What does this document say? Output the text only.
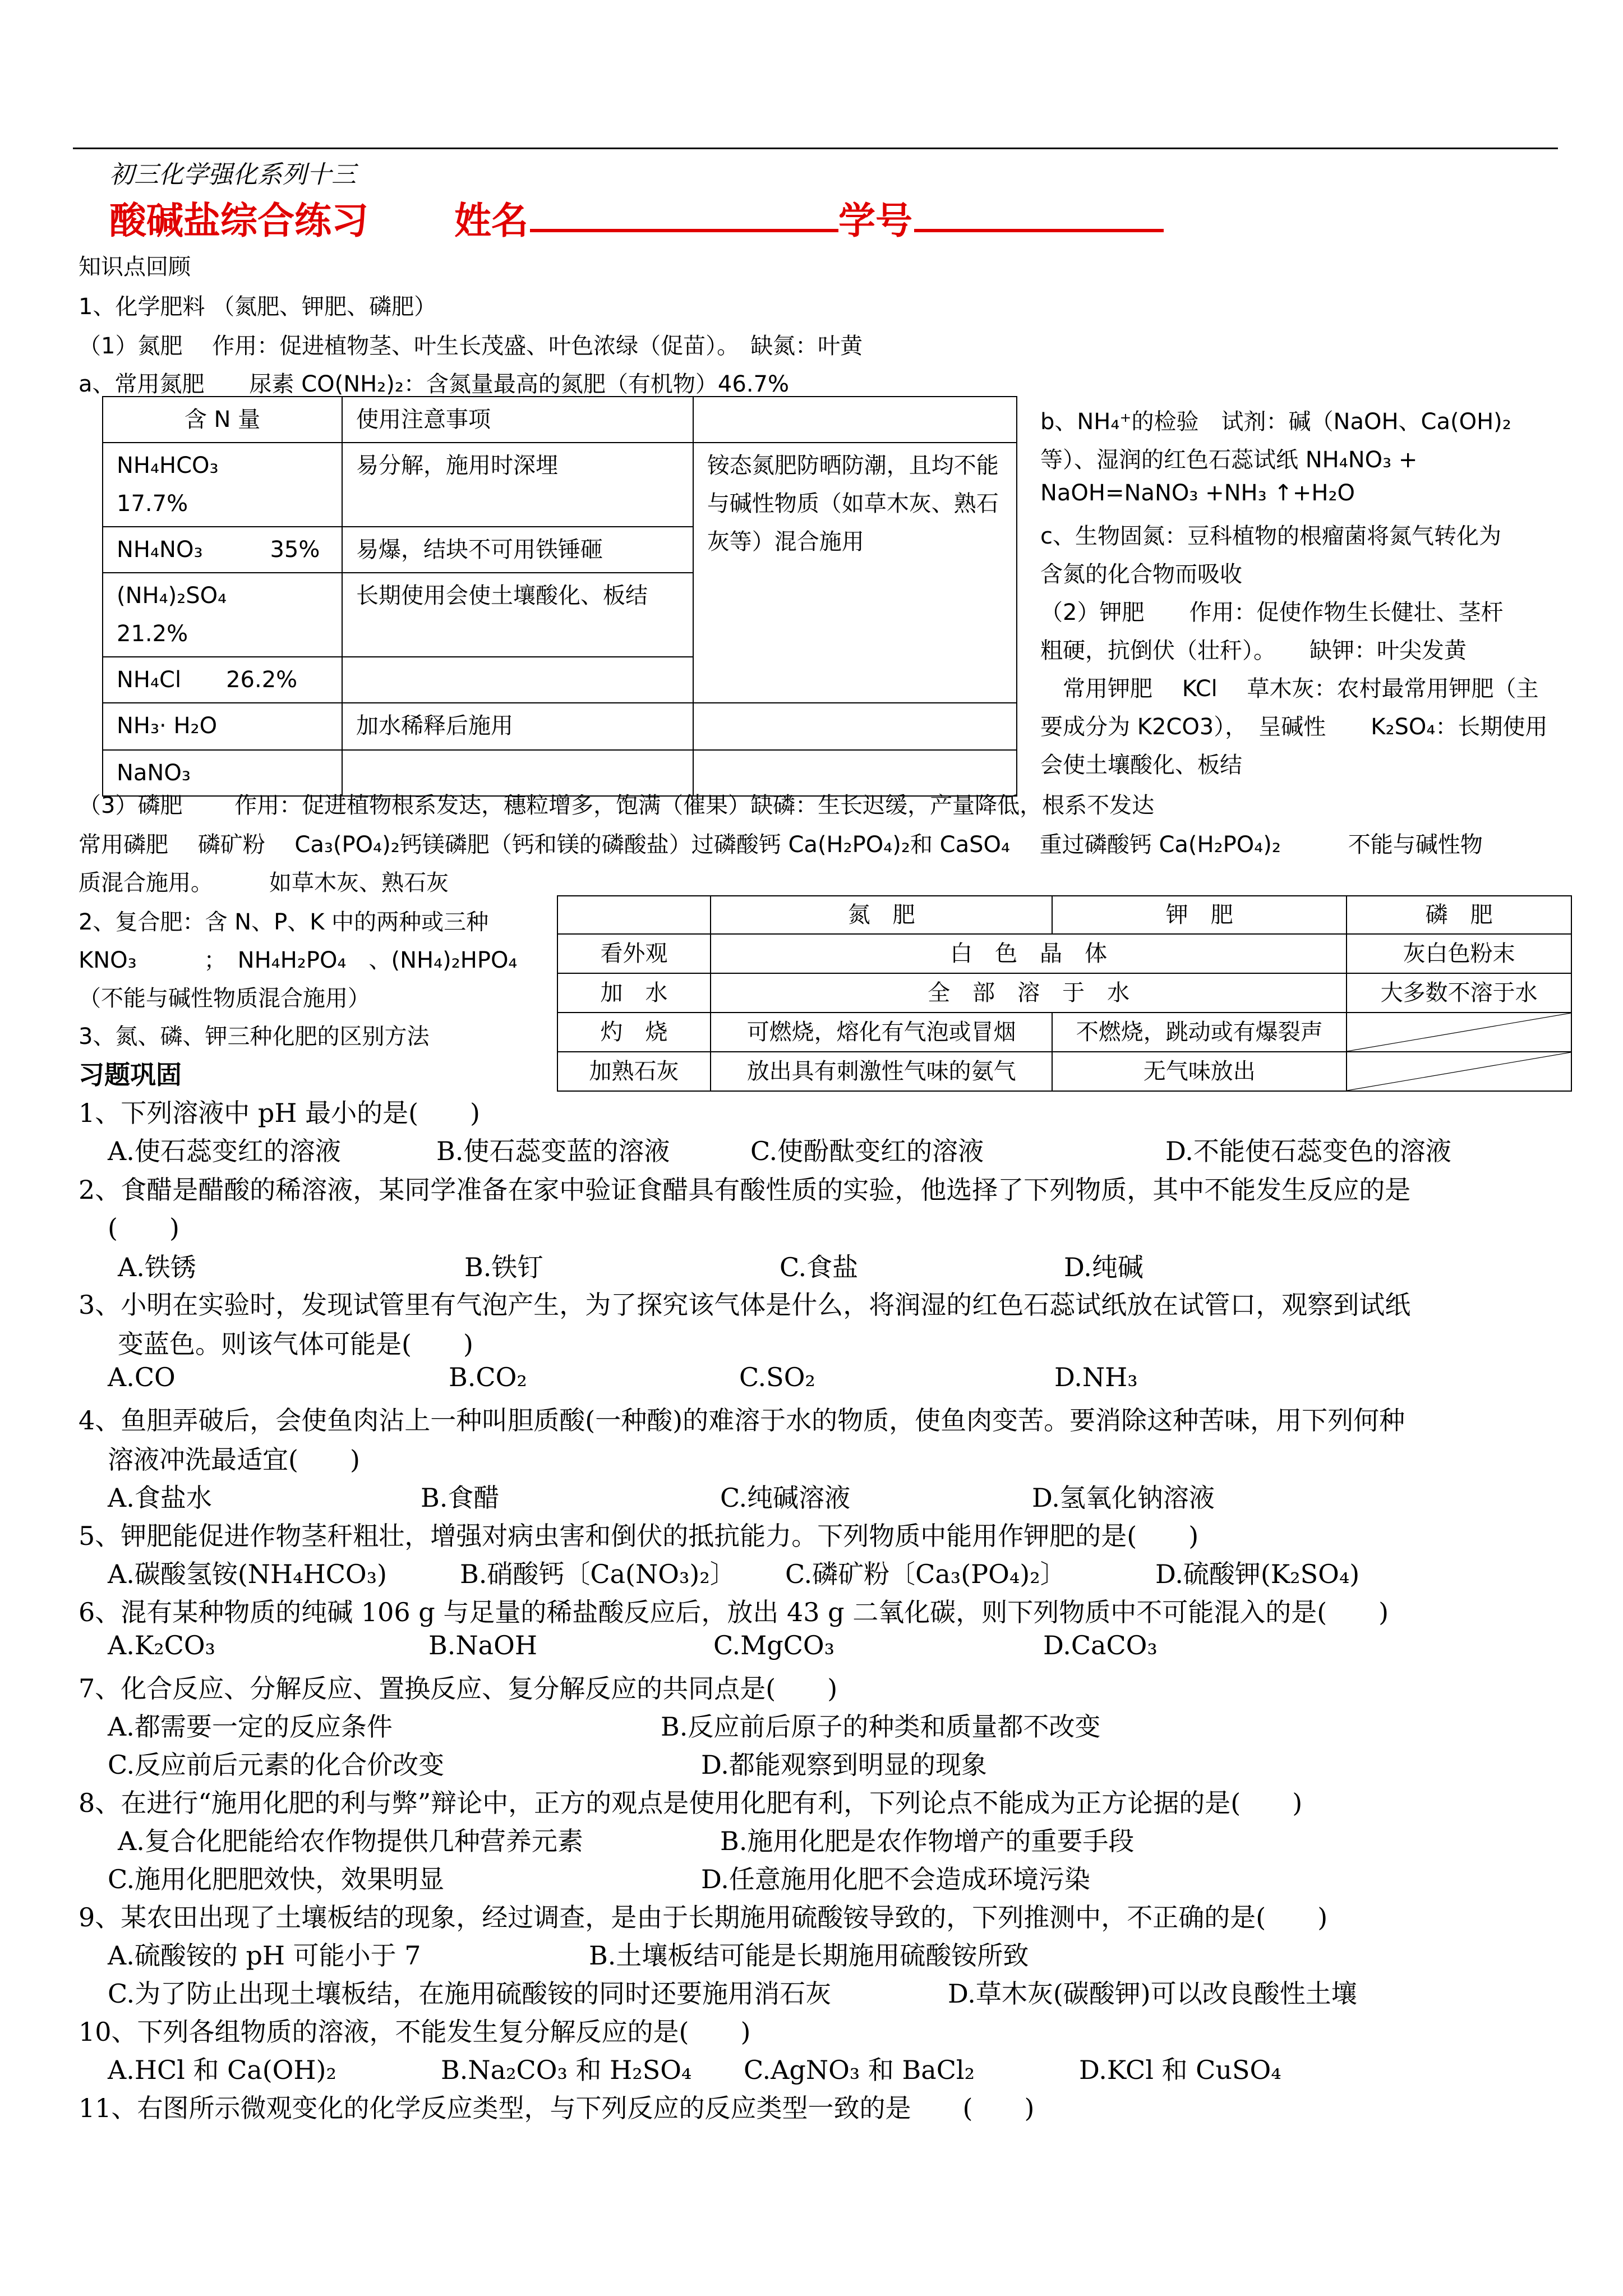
初三化学强化系列十三
酸碱盐综合练习 姓名	学号
知识点回顾
1、化学肥料 （氮肥、钾肥、磷肥）
（1）氮肥　 作用：促进植物茎、叶生长茂盛、叶色浓绿（促苗）。　缺氮：叶黄
a、常用氮肥　　尿素 CO(NH₂)₂：含氮量最高的氮肥（有机物）46.7%
含 N 量	使用注意事项	
NH₄HCO₃
17.7%	易分解，施用时深埋	铵态氮肥防晒防潮，且均不能与碱性物质（如草木灰、熟石灰等）混合施用
NH₄NO₃　　　35%	易爆，结块不可用铁锤砸	
(NH₄)₂SO₄
21.2%	长期使用会使土壤酸化、板结	
NH₄Cl　　26.2%		
NH₃· H₂O	加水稀释后施用	
NaNO₃		
b、NH₄⁺的检验　试剂：碱（NaOH、Ca(OH)₂
等）、湿润的红色石蕊试纸 NH₄NO₃ +
NaOH=NaNO₃ +NH₃ ↑+H₂O
c、生物固氮：豆科植物的根瘤菌将氮气转化为
含氮的化合物而吸收
（2）钾肥　　作用：促使作物生长健壮、茎杆
粗硬，抗倒伏（壮秆）。　　缺钾：叶尖发黄
　常用钾肥　 KCl　 草木灰：农村最常用钾肥（主
要成分为 K2CO3），　呈碱性　　K₂SO₄：长期使用
会使土壤酸化、板结
（3）磷肥　　 作用：促进植物根系发达，穗粒增多，饱满（催果）缺磷：生长迟缓，产量降低，根系不发达
常用磷肥　 磷矿粉　 Ca₃(PO₄)₂钙镁磷肥（钙和镁的磷酸盐）过磷酸钙 Ca(H₂PO₄)₂和 CaSO₄　 重过磷酸钙 Ca(H₂PO₄)₂　　　不能与碱性物
质混合施用。　　　如草木灰、熟石灰
2、复合肥：含 N、P、K 中的两种或三种
KNO₃　　　；　NH₄H₂PO₄　、(NH₄)₂HPO₄
（不能与碱性物质混合施用）
3、氮、磷、钾三种化肥的区别方法
	氮　肥	钾　肥	磷　肥
看外观	白　色　晶　体		灰白色粉末
加　水	全　部　溶　于　水		大多数不溶于水
灼　烧	可燃烧，熔化有气泡或冒烟	不燃烧，跳动或有爆裂声	

加熟石灰	放出具有刺激性气味的氨气	无气味放出	
习题巩固
1、下列溶液中 pH 最小的是(　　)
A.使石蕊变红的溶液	B.使石蕊变蓝的溶液	C.使酚酞变红的溶液	D.不能使石蕊变色的溶液
2、食醋是醋酸的稀溶液，某同学准备在家中验证食醋具有酸性质的实验，他选择了下列物质，其中不能发生反应的是
(　　)
A.铁锈	B.铁钉	C.食盐	D.纯碱
3、小明在实验时，发现试管里有气泡产生，为了探究该气体是什么，将润湿的红色石蕊试纸放在试管口，观察到试纸
变蓝色。则该气体可能是(　　)
A.CO	B.CO₂	C.SO₂	D.NH₃
4、鱼胆弄破后，会使鱼肉沾上一种叫胆质酸(一种酸)的难溶于水的物质，使鱼肉变苦。要消除这种苦味，用下列何种
溶液冲洗最适宜(　　)
A.食盐水	B.食醋	C.纯碱溶液	D.氢氧化钠溶液
5、钾肥能促进作物茎秆粗壮，增强对病虫害和倒伏的抵抗能力。下列物质中能用作钾肥的是(　　)
A.碳酸氢铵(NH₄HCO₃)	B.硝酸钙〔Ca(NO₃)₂〕 C.磷矿粉〔Ca₃(PO₄)₂〕	D.硫酸钾(K₂SO₄)
6、混有某种物质的纯碱 106 g 与足量的稀盐酸反应后，放出 43 g 二氧化碳，则下列物质中不可能混入的是(　　)
A.K₂CO₃	B.NaOH	C.MgCO₃	D.CaCO₃
7、化合反应、分解反应、置换反应、复分解反应的共同点是(　　)
A.都需要一定的反应条件	B.反应前后原子的种类和质量都不改变
C.反应前后元素的化合价改变	D.都能观察到明显的现象
8、在进行“施用化肥的利与弊”辩论中，正方的观点是使用化肥有利，下列论点不能成为正方论据的是(　　)
A.复合化肥能给农作物提供几种营养元素	B.施用化肥是农作物增产的重要手段
C.施用化肥肥效快，效果明显	D.任意施用化肥不会造成环境污染
9、某农田出现了土壤板结的现象，经过调查，是由于长期施用硫酸铵导致的，下列推测中，不正确的是(　　)
A.硫酸铵的 pH 可能小于 7	B.土壤板结可能是长期施用硫酸铵所致
C.为了防止出现土壤板结，在施用硫酸铵的同时还要施用消石灰	D.草木灰(碳酸钾)可以改良酸性土壤
10、下列各组物质的溶液，不能发生复分解反应的是(　　)
A.HCl 和 Ca(OH)₂	B.Na₂CO₃ 和 H₂SO₄ C.AgNO₃ 和 BaCl₂	D.KCl 和 CuSO₄
11、右图所示微观变化的化学反应类型，与下列反应的反应类型一致的是　　(　　)
